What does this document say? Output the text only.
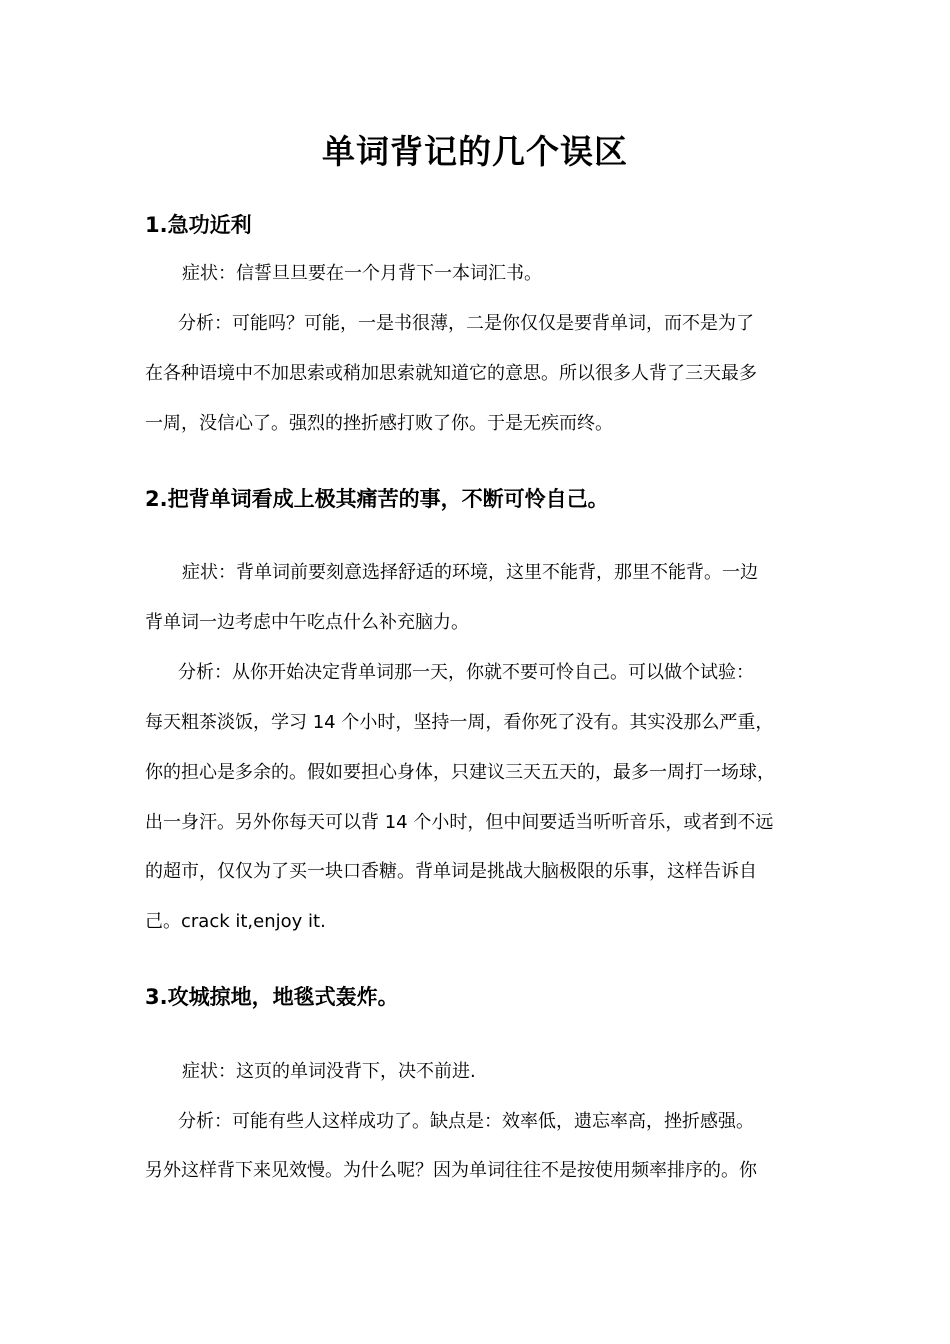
单词背记的几个误区
1.急功近利
症状：信誓旦旦要在一个月背下一本词汇书。
分析：可能吗？可能，一是书很薄，二是你仅仅是要背单词，而不是为了
在各种语境中不加思索或稍加思索就知道它的意思。所以很多人背了三天最多
一周，没信心了。强烈的挫折感打败了你。于是无疾而终。
2.把背单词看成上极其痛苦的事，不断可怜自己。
症状：背单词前要刻意选择舒适的环境，这里不能背，那里不能背。一边
背单词一边考虑中午吃点什么补充脑力。
分析：从你开始决定背单词那一天，你就不要可怜自己。可以做个试验：
每天粗茶淡饭，学习 14 个小时，坚持一周，看你死了没有。其实没那么严重，
你的担心是多余的。假如要担心身体，只建议三天五天的，最多一周打一场球，
出一身汗。另外你每天可以背 14 个小时，但中间要适当听听音乐，或者到不远
的超市，仅仅为了买一块口香糖。背单词是挑战大脑极限的乐事，这样告诉自
己。crack it,enjoy it.
3.攻城掠地，地毯式轰炸。
症状：这页的单词没背下，决不前进.
分析：可能有些人这样成功了。缺点是：效率低，遗忘率高，挫折感强。
另外这样背下来见效慢。为什么呢？因为单词往往不是按使用频率排序的。你
